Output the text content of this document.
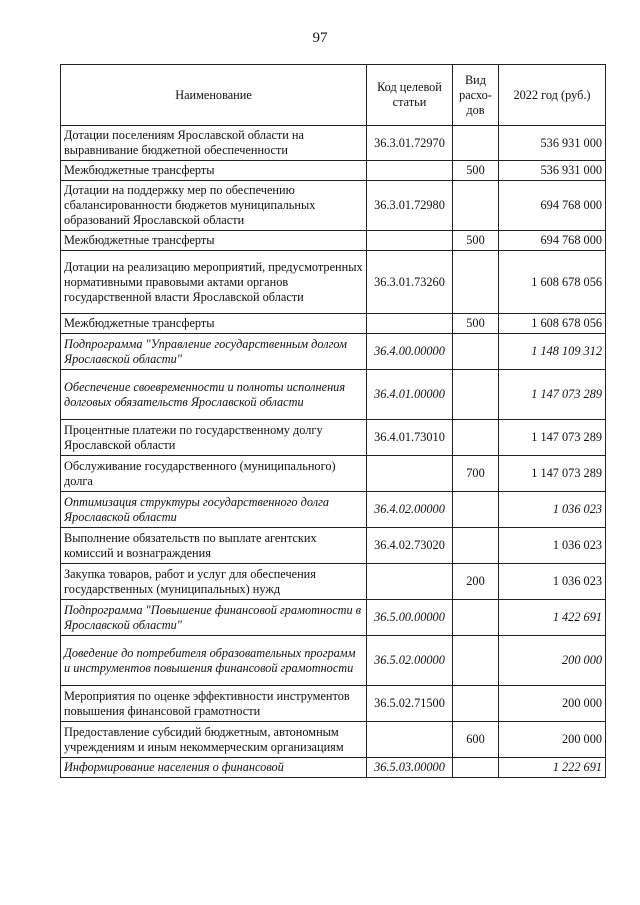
97
Наименование	Код целевой статьи	Вид расхо-дов	2022 год (руб.)
Дотации поселениям Ярославской области на выравнивание бюджетной обеспеченности	36.3.01.72970		536 931 000
Межбюджетные трансферты		500	536 931 000
Дотации на поддержку мер по обеспечению сбалансированности бюджетов муниципальных образований Ярославской области	36.3.01.72980		694 768 000
Межбюджетные трансферты		500	694 768 000
Дотации на реализацию мероприятий, предусмотренных нормативными правовыми актами органов государственной власти Ярославской области	36.3.01.73260		1 608 678 056
Межбюджетные трансферты		500	1 608 678 056
Подпрограмма "Управление государственным долгом Ярославской области"	36.4.00.00000		1 148 109 312
Обеспечение своевременности и полноты исполнения долговых обязательств Ярославской области	36.4.01.00000		1 147 073 289
Процентные платежи по государственному долгу Ярославской области	36.4.01.73010		1 147 073 289
Обслуживание государственного (муниципального) долга		700	1 147 073 289
Оптимизация структуры государственного долга Ярославской области	36.4.02.00000		1 036 023
Выполнение обязательств по выплате агентских комиссий и вознаграждения	36.4.02.73020		1 036 023
Закупка товаров, работ и услуг для обеспечения государственных (муниципальных) нужд		200	1 036 023
Подпрограмма "Повышение финансовой грамотности в Ярославской области"	36.5.00.00000		1 422 691
Доведение до потребителя образовательных программ и инструментов повышения финансовой грамотности	36.5.02.00000		200 000
Мероприятия по оценке эффективности инструментов повышения финансовой грамотности	36.5.02.71500		200 000
Предоставление субсидий бюджетным, автономным учреждениям и иным некоммерческим организациям		600	200 000
Информирование населения о финансовой	36.5.03.00000		1 222 691
